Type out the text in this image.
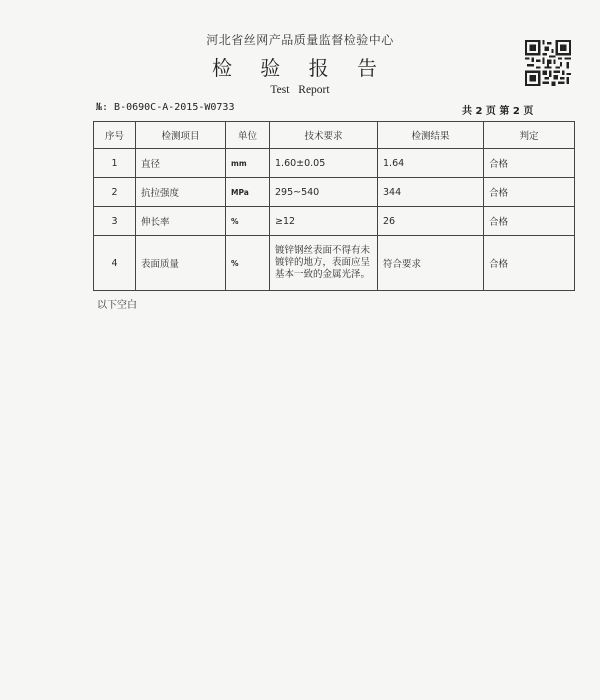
河北省丝网产品质量监督检验中心
检 验 报 告
Test Report
№: B-0690C-A-2015-W0733	共 2 页 第 2 页
序号	检测项目	单位	技术要求	检测结果	判定
1	直径	mm	1.60±0.05	1.64	合格
2	抗拉强度	MPa	295~540	344	合格
3	伸长率	%	≥12	26	合格
4	表面质量	%	镀锌钢丝表面不得有未镀锌的地方，表面应呈基本一致的金属光泽。	符合要求	合格
以下空白
